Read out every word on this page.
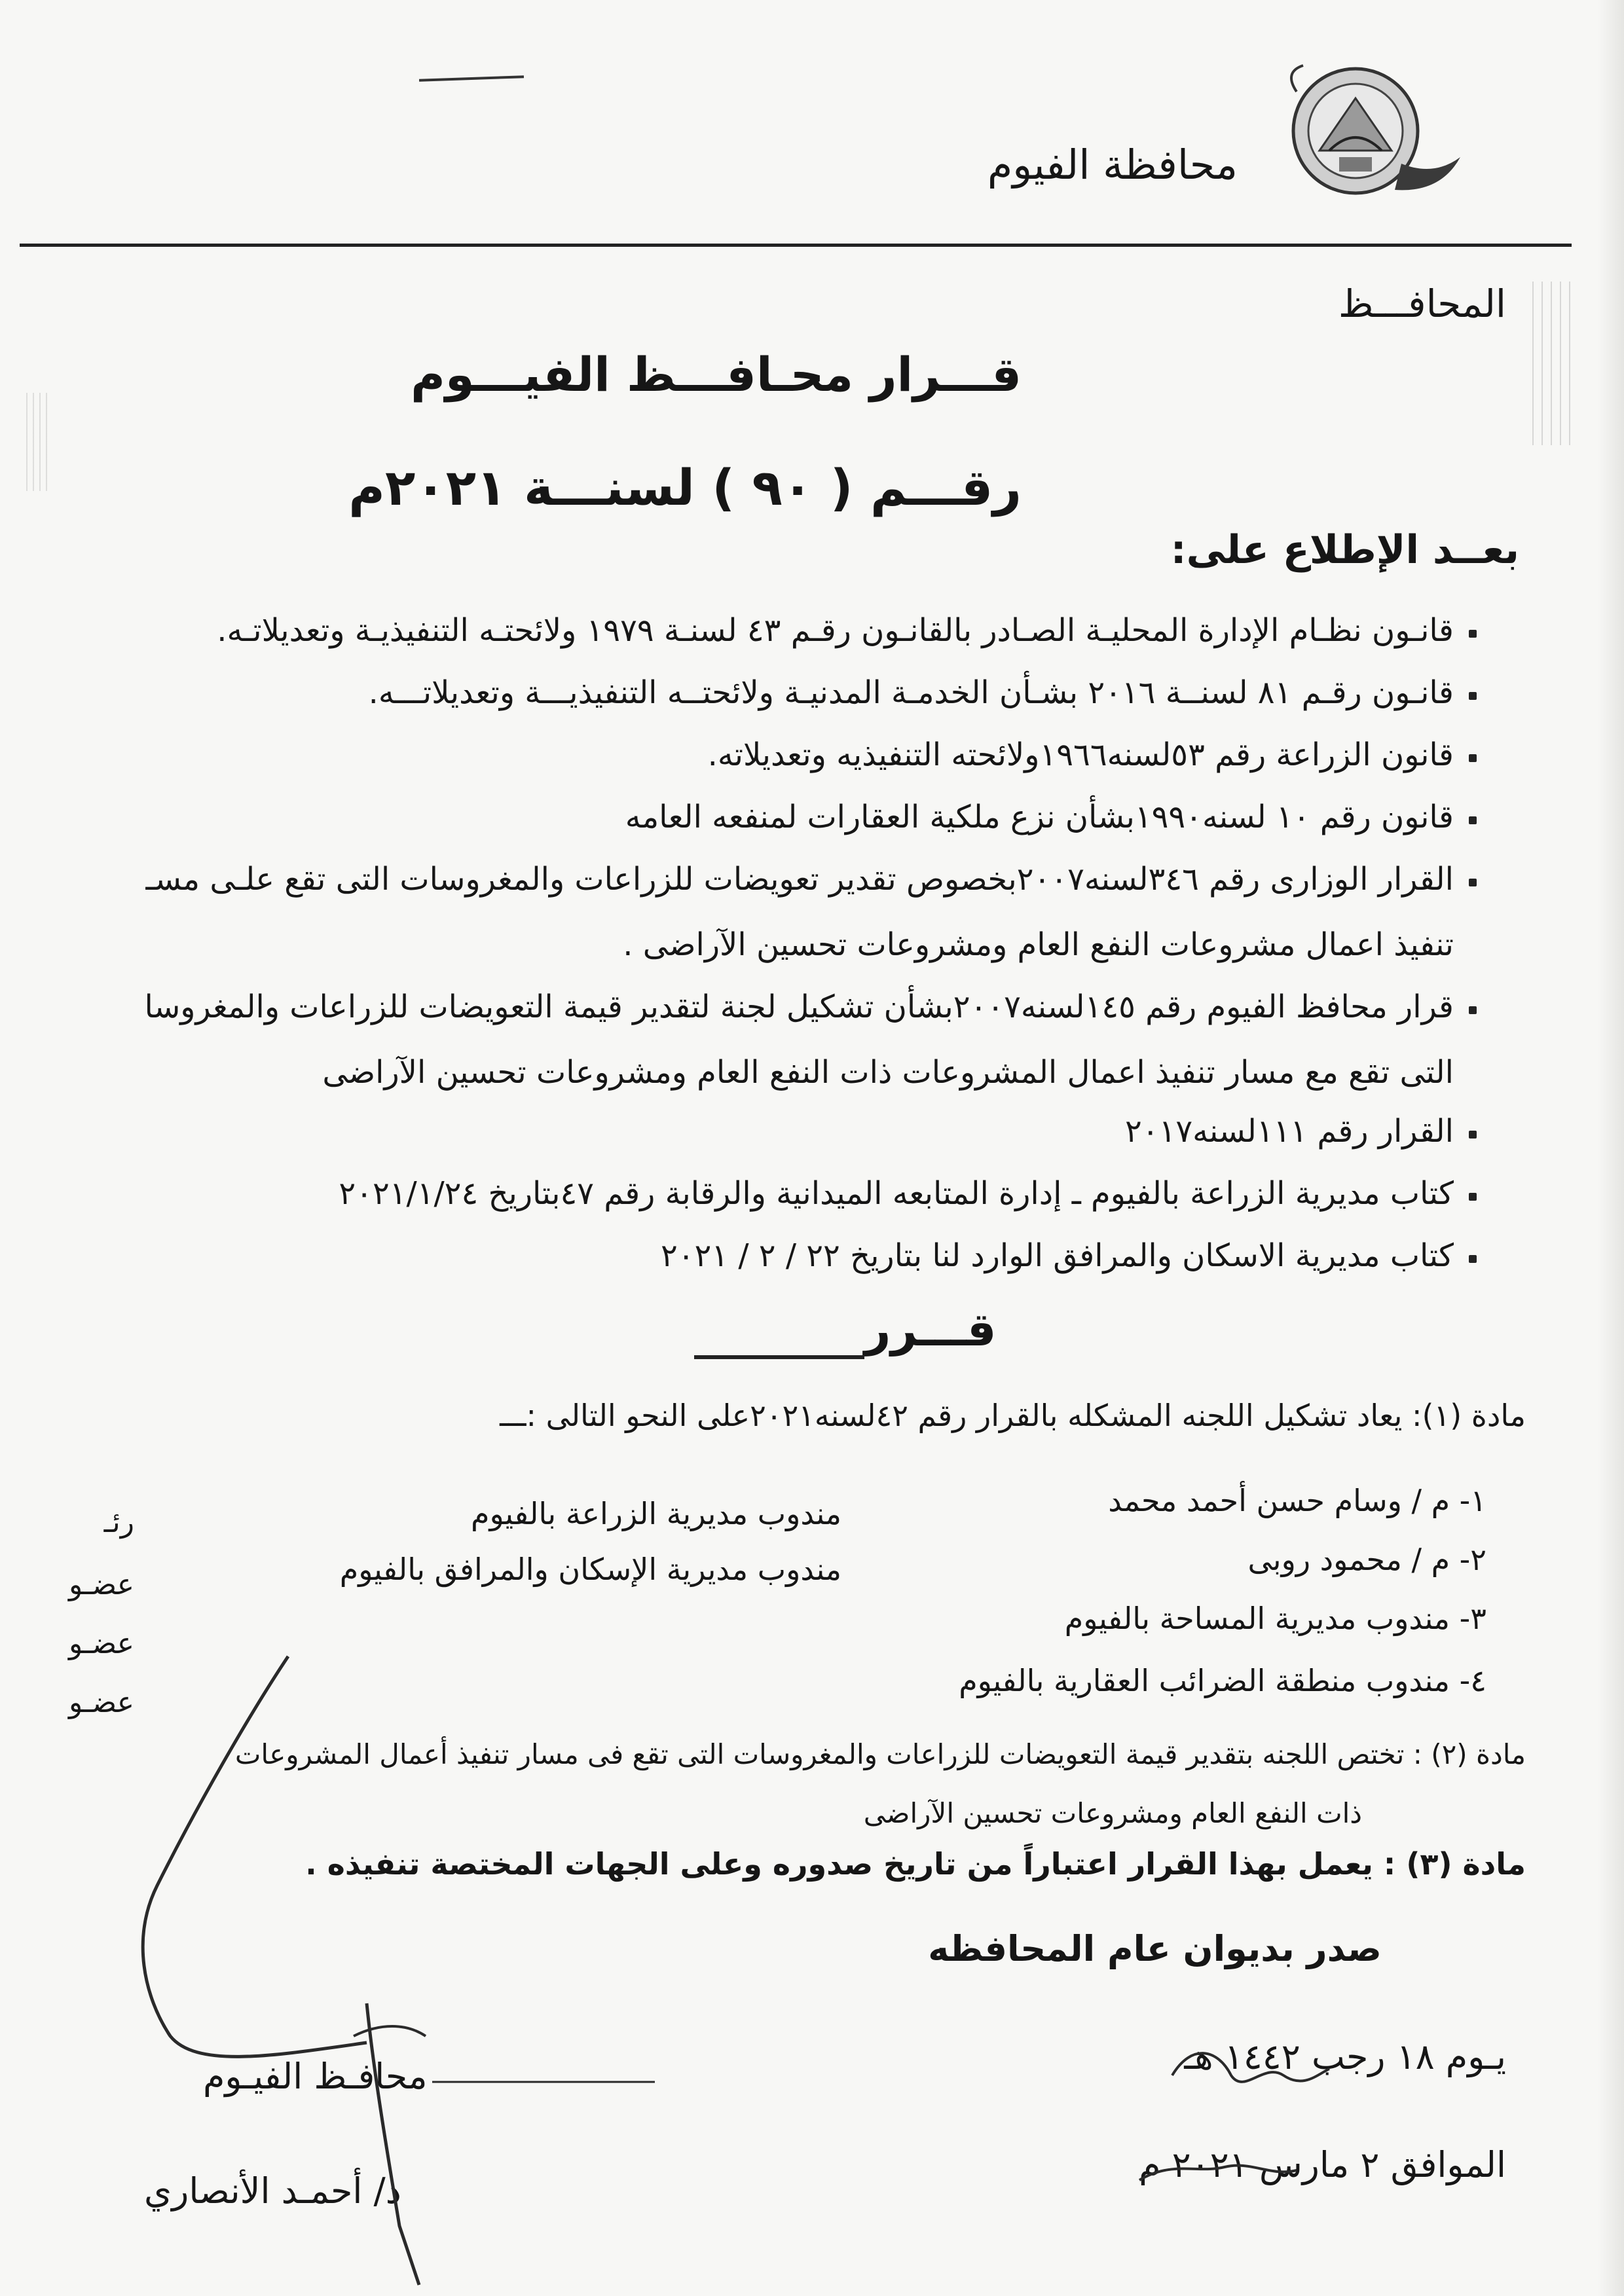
محافظة الفيوم
المحافـــظ
قـــرار محـافـــظ الفيـــوم
رقـــم ( ٩٠ ) لسنـــة ٢٠٢١م
بعــد الإطلاع على:
قانـون نظـام الإدارة المحليـة الصـادر بالقانـون رقـم ٤٣ لسنـة ١٩٧٩ ولائحتـه التنفيذيـة وتعديلاتـه.
قانـون رقـم ٨١ لسنــة ٢٠١٦ بشـأن الخدمـة المدنيـة ولائحتــه التنفيذيـــة وتعديلاتـــه.
قانون الزراعة رقم ٥٣لسنه١٩٦٦ولائحته التنفيذيه وتعديلاته.
قانون رقم ١٠ لسنه١٩٩٠بشأن نزع ملكية العقارات لمنفعه العامه
القرار الوزارى رقم ٣٤٦لسنه٢٠٠٧بخصوص تقدير تعويضات للزراعات والمغروسات التى تقع علـى مسـ
تنفيذ اعمال مشروعات النفع العام ومشروعات تحسين الآراضى .
قرار محافظ الفيوم رقم ١٤٥لسنه٢٠٠٧بشأن تشكيل لجنة لتقدير قيمة التعويضات للزراعات والمغروسا
التى تقع مع مسار تنفيذ اعمال المشروعات ذات النفع العام ومشروعات تحسين الآراضى
القرار رقم ١١١لسنه٢٠١٧
كتاب مديرية الزراعة بالفيوم ـ إدارة المتابعه الميدانية والرقابة رقم ٤٧بتاريخ ٢٠٢١/١/٢٤
كتاب مديرية الاسكان والمرافق الوارد لنا بتاريخ ٢٢ / ٢ / ٢٠٢١
قـــرر
مادة (١): يعاد تشكيل اللجنه المشكله بالقرار رقم ٤٢لسنه٢٠٢١على النحو التالى :ـــ
١- م / وسام حسن أحمد محمد
مندوب مديرية الزراعة بالفيوم
رئـ
٢- م / محمود روبى
مندوب مديرية الإسكان والمرافق بالفيوم
عضـو
٣- مندوب مديرية المساحة بالفيوم
عضـو
٤- مندوب منطقة الضرائب العقارية بالفيوم
عضـو
مادة (٢) : تختص اللجنه بتقدير قيمة التعويضات للزراعات والمغروسات التى تقع فى مسار تنفيذ أعمال المشروعات
ذات النفع العام ومشروعات تحسين الآراضى
مادة (٣) : يعمل بهذا القرار اعتباراً من تاريخ صدوره وعلى الجهات المختصة تنفيذه .
صدر بديوان عام المحافظه
يـوم ١٨ رجب ١٤٤٢ هـ
الموافق ٢ مارس ٢٠٢١ م
محافـظ الفيـوم
د/ أحمـد الأنصاري
